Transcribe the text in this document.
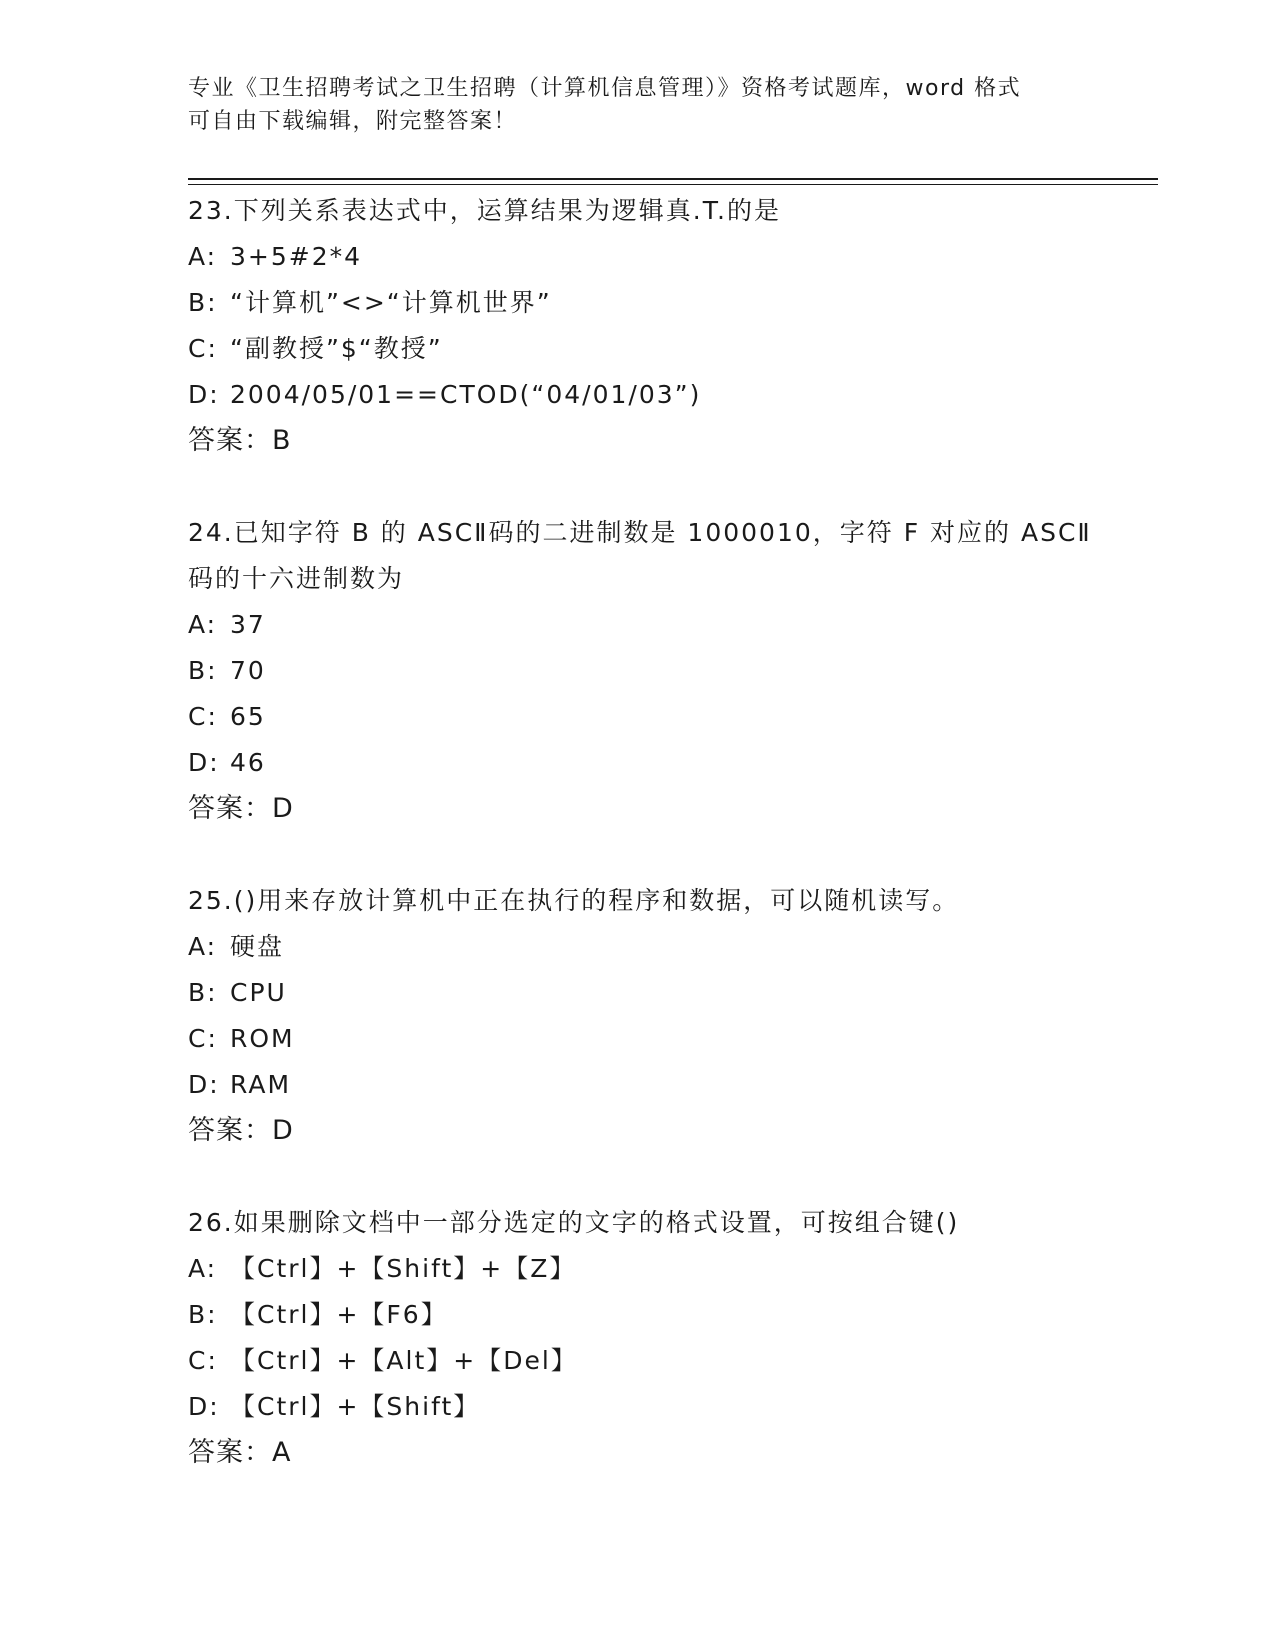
专业《卫生招聘考试之卫生招聘（计算机信息管理）》资格考试题库，word 格式
可自由下载编辑，附完整答案！
23.下列关系表达式中，运算结果为逻辑真.T.的是
A: 3+5#2*4
B: “计算机”<>“计算机世界”
C: “副教授”$“教授”
D: 2004/05/01==CTOD(“04/01/03”)
答案：B
24.已知字符 B 的 ASCⅡ码的二进制数是 1000010，字符 F 对应的 ASCⅡ
码的十六进制数为
A: 37
B: 70
C: 65
D: 46
答案：D
25.()用来存放计算机中正在执行的程序和数据，可以随机读写。
A: 硬盘
B: CPU
C: ROM
D: RAM
答案：D
26.如果删除文档中一部分选定的文字的格式设置，可按组合键()
A: 【Ctrl】+【Shift】+【Z】
B: 【Ctrl】+【F6】
C: 【Ctrl】+【Alt】+【Del】
D: 【Ctrl】+【Shift】
答案：A
